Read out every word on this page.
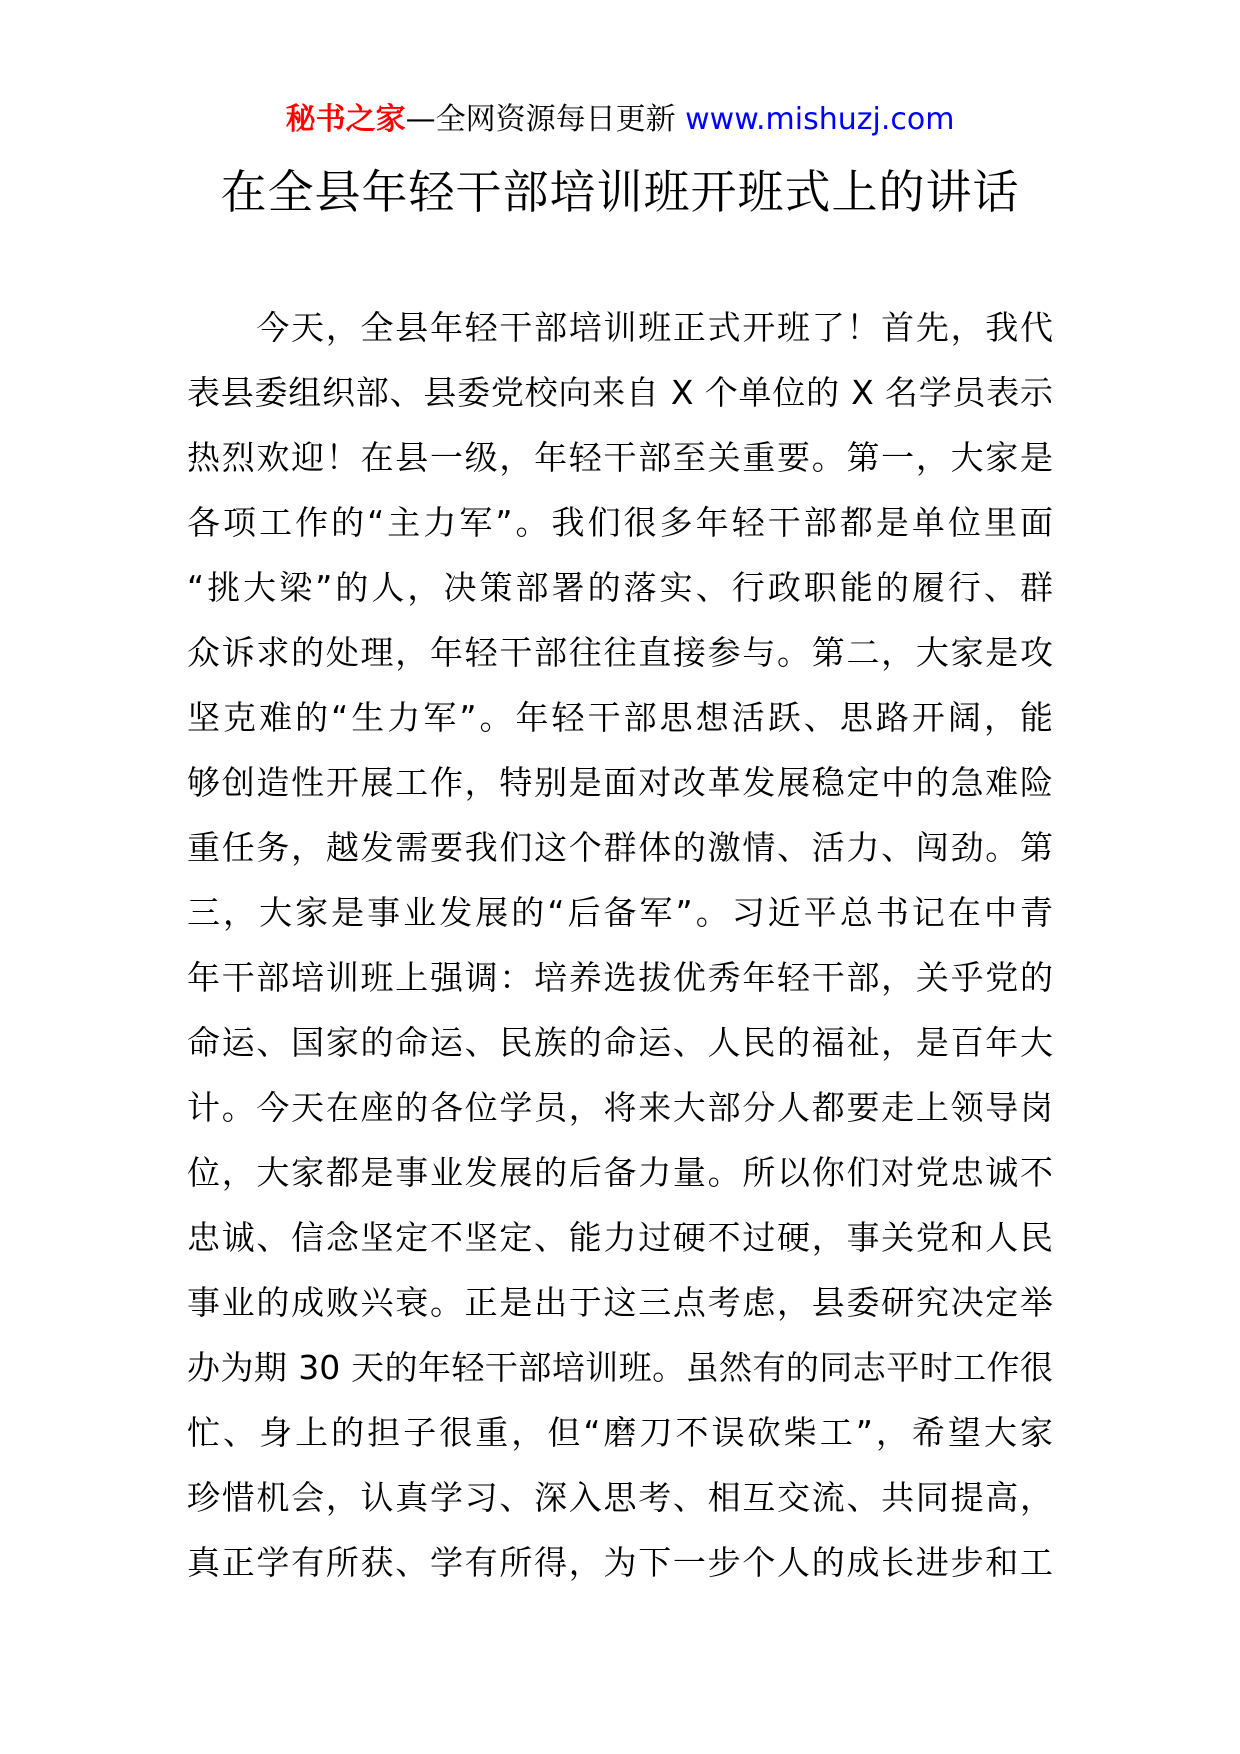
秘书之家—全网资源每日更新 www.mishuzj.com
在全县年轻干部培训班开班式上的讲话
　　今天，全县年轻干部培训班正式开班了！首先，我代
表县委组织部、县委党校向来自 X 个单位的 X 名学员表示
热烈欢迎！在县一级，年轻干部至关重要。第一，大家是
各项工作的“主力军”。我们很多年轻干部都是单位里面
“挑大梁”的人，决策部署的落实、行政职能的履行、群
众诉求的处理，年轻干部往往直接参与。第二，大家是攻
坚克难的“生力军”。年轻干部思想活跃、思路开阔，能
够创造性开展工作，特别是面对改革发展稳定中的急难险
重任务，越发需要我们这个群体的激情、活力、闯劲。第
三，大家是事业发展的“后备军”。习近平总书记在中青
年干部培训班上强调：培养选拔优秀年轻干部，关乎党的
命运、国家的命运、民族的命运、人民的福祉，是百年大
计。今天在座的各位学员，将来大部分人都要走上领导岗
位，大家都是事业发展的后备力量。所以你们对党忠诚不
忠诚、信念坚定不坚定、能力过硬不过硬，事关党和人民
事业的成败兴衰。正是出于这三点考虑，县委研究决定举
办为期 30 天的年轻干部培训班。虽然有的同志平时工作很
忙、身上的担子很重，但“磨刀不误砍柴工”，希望大家
珍惜机会，认真学习、深入思考、相互交流、共同提高，
真正学有所获、学有所得，为下一步个人的成长进步和工
